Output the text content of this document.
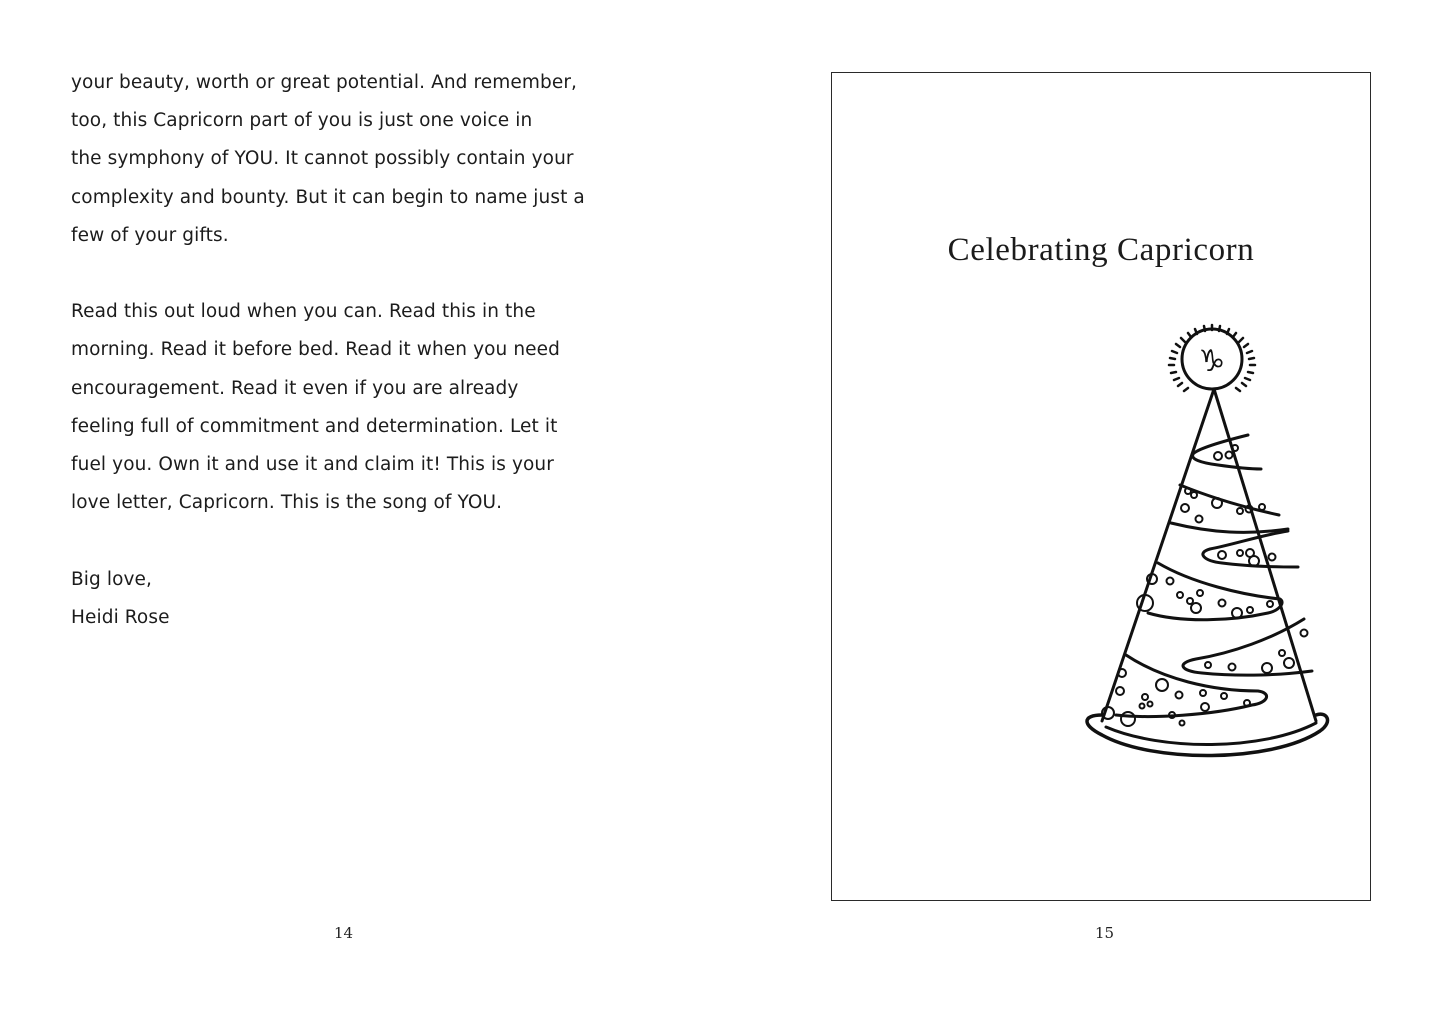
your beauty, worth or great potential. And remember,
too, this Capricorn part of you is just one voice in
the symphony of YOU. It cannot possibly contain your
complexity and bounty. But it can begin to name just a
few of your gifts.
Read this out loud when you can. Read this in the
morning. Read it before bed. Read it when you need
encouragement. Read it even if you are already
feeling full of commitment and determination. Let it
fuel you. Own it and use it and claim it! This is your
love letter, Capricorn. This is the song of YOU.
Big love,
Heidi Rose
14
Celebrating Capricorn
♑
15
